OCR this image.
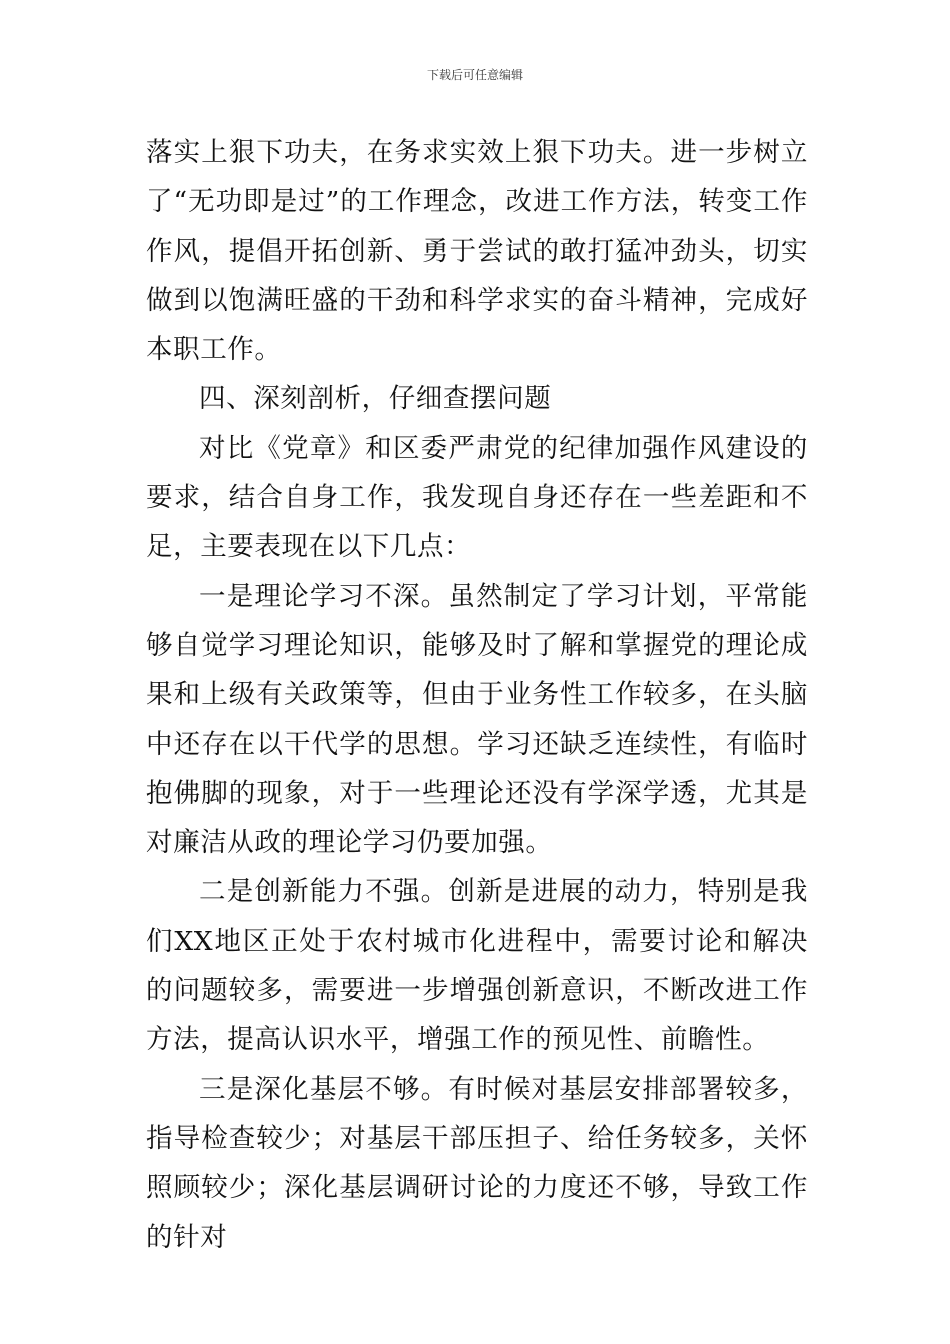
下载后可任意编辑

落实上狠下功夫，在务求实效上狠下功夫。进一步树立了“无功即是过”的工作理念，改进工作方法，转变工作作风，提倡开拓创新、勇于尝试的敢打猛冲劲头，切实做到以饱满旺盛的干劲和科学求实的奋斗精神，完成好本职工作。

四、深刻剖析，仔细查摆问题

对比《党章》和区委严肃党的纪律加强作风建设的要求，结合自身工作，我发现自身还存在一些差距和不足，主要表现在以下几点：

一是理论学习不深。虽然制定了学习计划，平常能够自觉学习理论知识，能够及时了解和掌握党的理论成果和上级有关政策等，但由于业务性工作较多，在头脑中还存在以干代学的思想。学习还缺乏连续性，有临时抱佛脚的现象，对于一些理论还没有学深学透，尤其是对廉洁从政的理论学习仍要加强。

二是创新能力不强。创新是进展的动力，特别是我们XX地区正处于农村城市化进程中，需要讨论和解决的问题较多，需要进一步增强创新意识，不断改进工作方法，提高认识水平，增强工作的预见性、前瞻性。

三是深化基层不够。有时候对基层安排部署较多，指导检查较少；对基层干部压担子、给任务较多，关怀照顾较少；深化基层调研讨论的力度还不够，导致工作的针对
